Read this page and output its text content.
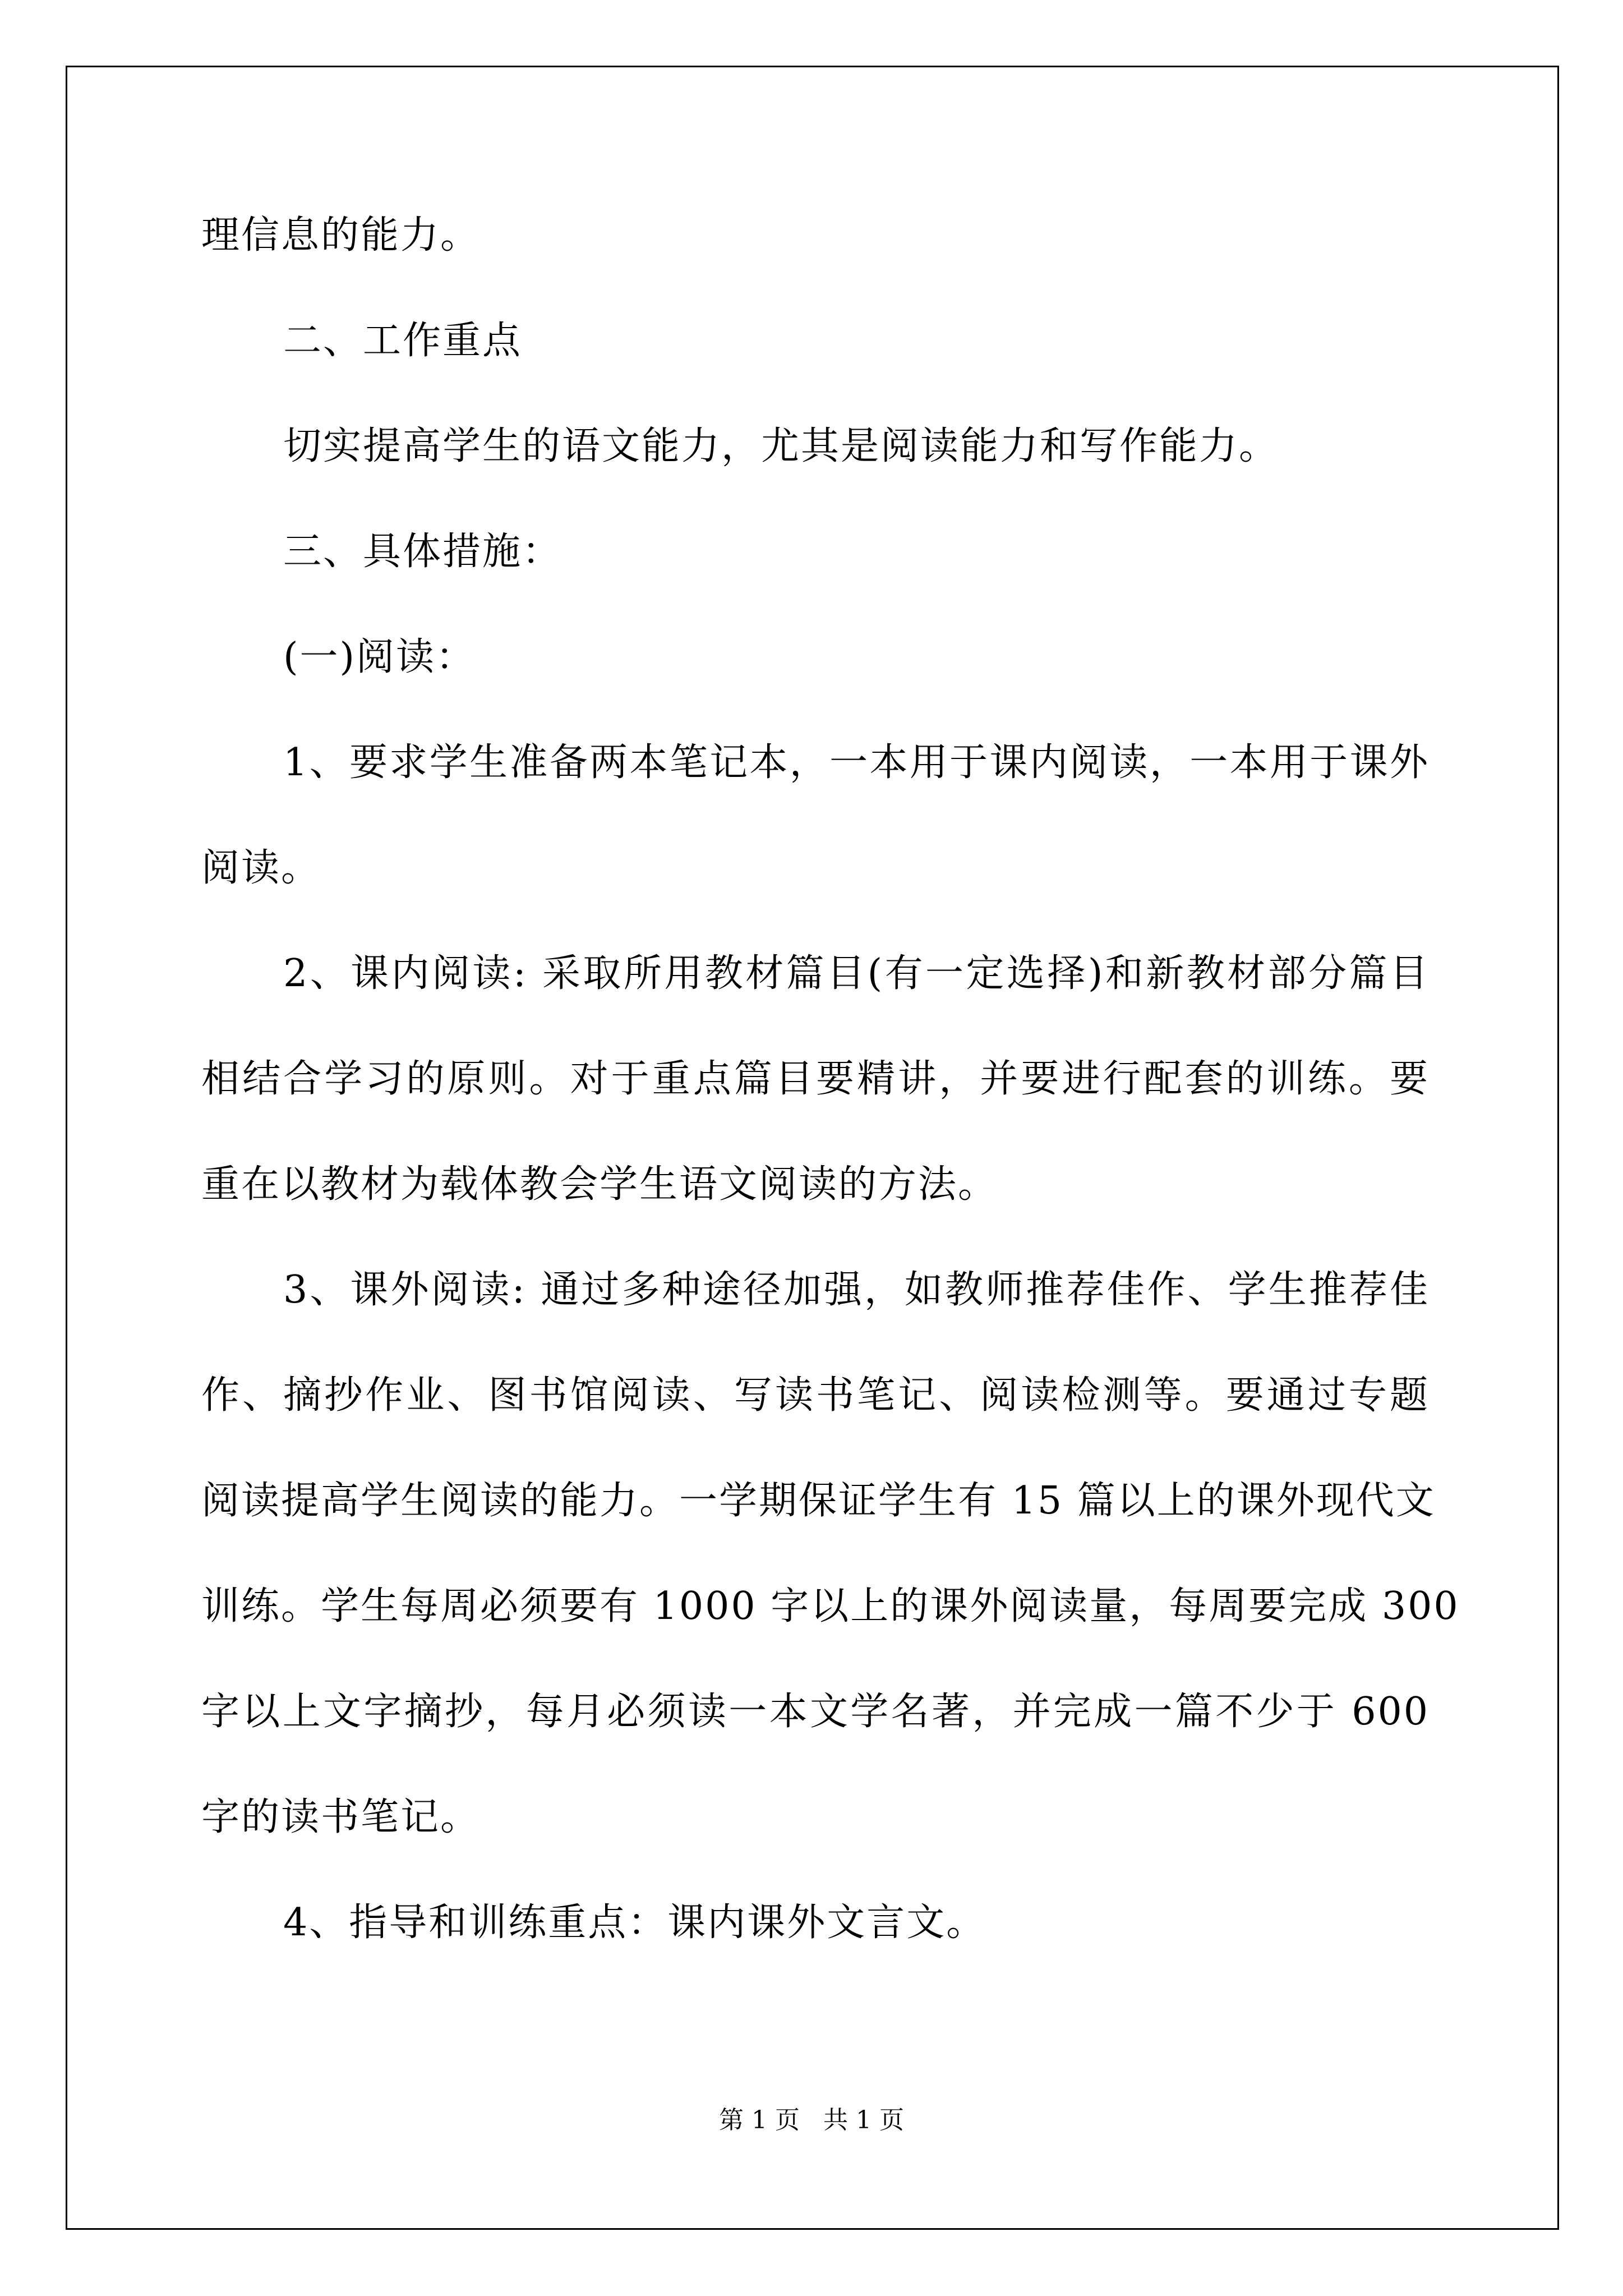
理信息的能力。
二、工作重点
切实提高学生的语文能力，尤其是阅读能力和写作能力。
三、具体措施：
(一)阅读：
1、要求学生准备两本笔记本，一本用于课内阅读，一本用于课外
阅读。
2、课内阅读: 采取所用教材篇目(有一定选择)和新教材部分篇目
相结合学习的原则。对于重点篇目要精讲，并要进行配套的训练。要
重在以教材为载体教会学生语文阅读的方法。
3、课外阅读: 通过多种途径加强，如教师推荐佳作、学生推荐佳
作、摘抄作业、图书馆阅读、写读书笔记、阅读检测等。要通过专题
阅读提高学生阅读的能力。一学期保证学生有 15 篇以上的课外现代文
训练。学生每周必须要有 1000 字以上的课外阅读量，每周要完成 300
字以上文字摘抄，每月必须读一本文学名著，并完成一篇不少于 600
字的读书笔记。
4、指导和训练重点：课内课外文言文。
第 1 页 共 1 页
